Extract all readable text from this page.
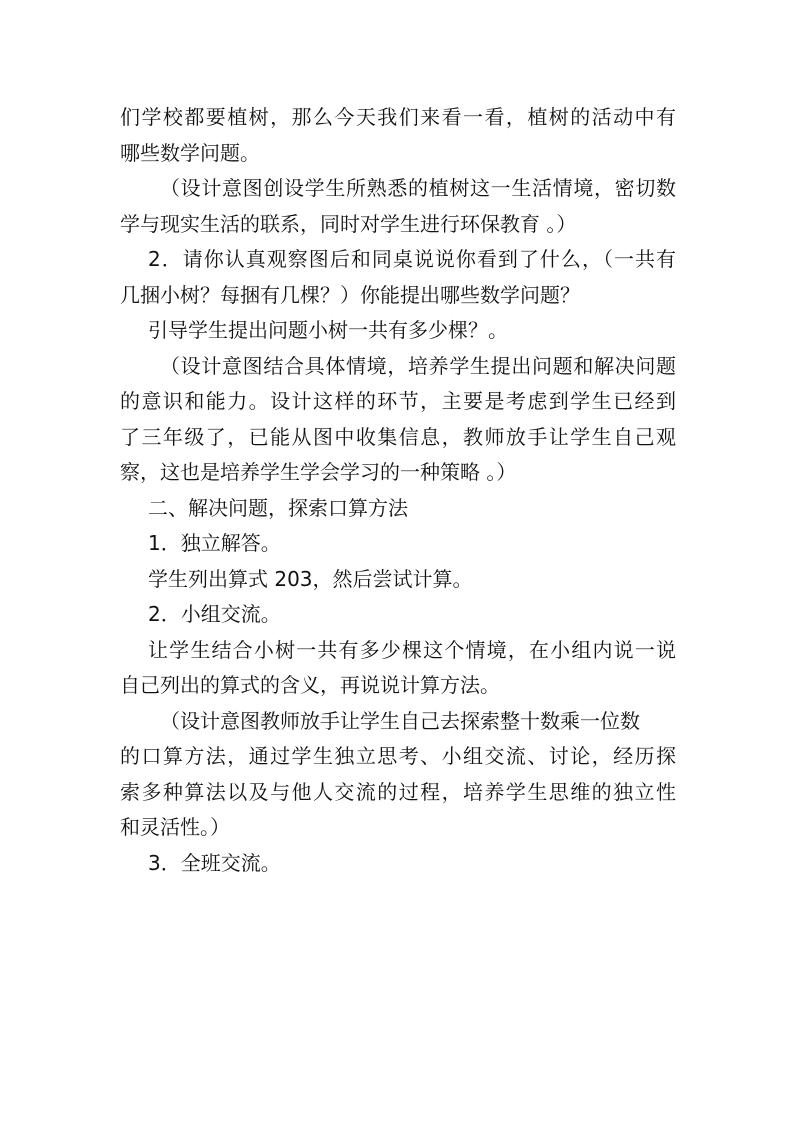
们学校都要植树，那么今天我们来看一看，植树的活动中有
哪些数学问题。
（设计意图创设学生所熟悉的植树这一生活情境，密切数
学与现实生活的联系，同时对学生进行环保教育 。）
2．请你认真观察图后和同桌说说你看到了什么，（一共有
几捆小树？每捆有几棵？）你能提出哪些数学问题？
引导学生提出问题小树一共有多少棵？。
（设计意图结合具体情境，培养学生提出问题和解决问题
的意识和能力。设计这样的环节，主要是考虑到学生已经到
了三年级了，已能从图中收集信息，教师放手让学生自己观
察，这也是培养学生学会学习的一种策略 。）
二、解决问题，探索口算方法
1．独立解答。
学生列出算式 203，然后尝试计算。
2．小组交流。
让学生结合小树一共有多少棵这个情境，在小组内说一说
自己列出的算式的含义，再说说计算方法。
（设计意图教师放手让学生自己去探索整十数乘一位数
的口算方法，通过学生独立思考、小组交流、讨论，经历探
索多种算法以及与他人交流的过程，培养学生思维的独立性
和灵活性。）
3．全班交流。
